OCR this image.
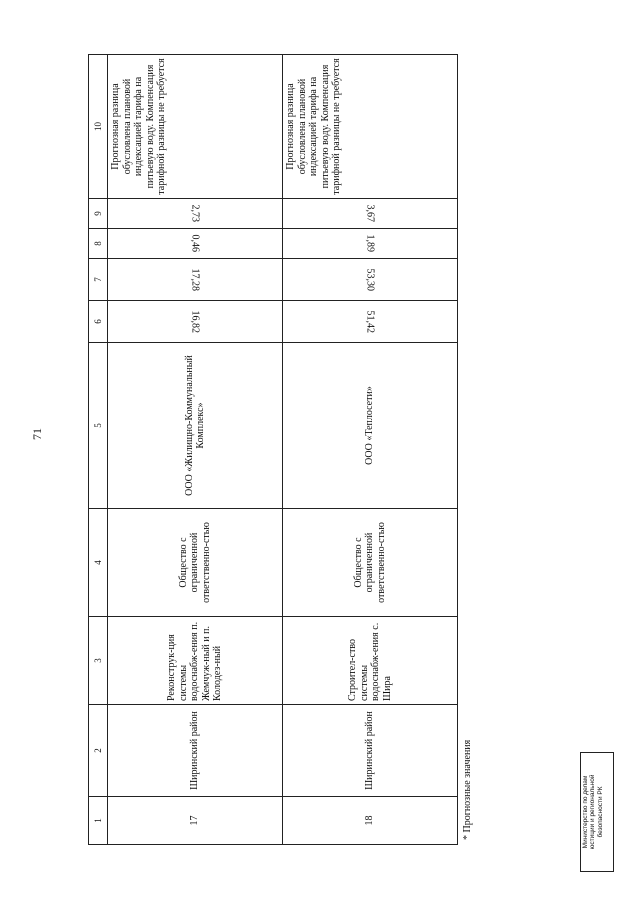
71
1	2	3	4	5	6	7	8	9	10
17	Ширинский район	Реконструк-ция системы водоснабж-ения п. Жемчуж-ный и п. Колодез-ный	Общество с ограниченной ответственно-стью	ООО «Жилищно-Коммунальный Комплекс»	16,82	17,28	0,46	2,73	Прогнозная разница обусловлена плановой индексацией тарифа на питьевую воду. Компенсация тарифной разницы не требуется
18	Ширинский район	Строител-ство системы водоснабж-ения с. Шира	Общество с ограниченной ответственно-стью	ООО «Теплосети»	51,42	53,30	1,89	3,67	Прогнозная разница обусловлена плановой индексацией тарифа на питьевую воду. Компенсация тарифной разницы не требуется
* Прогнозные значения	Министерство по делам юстиции и региональной безопасности РК
